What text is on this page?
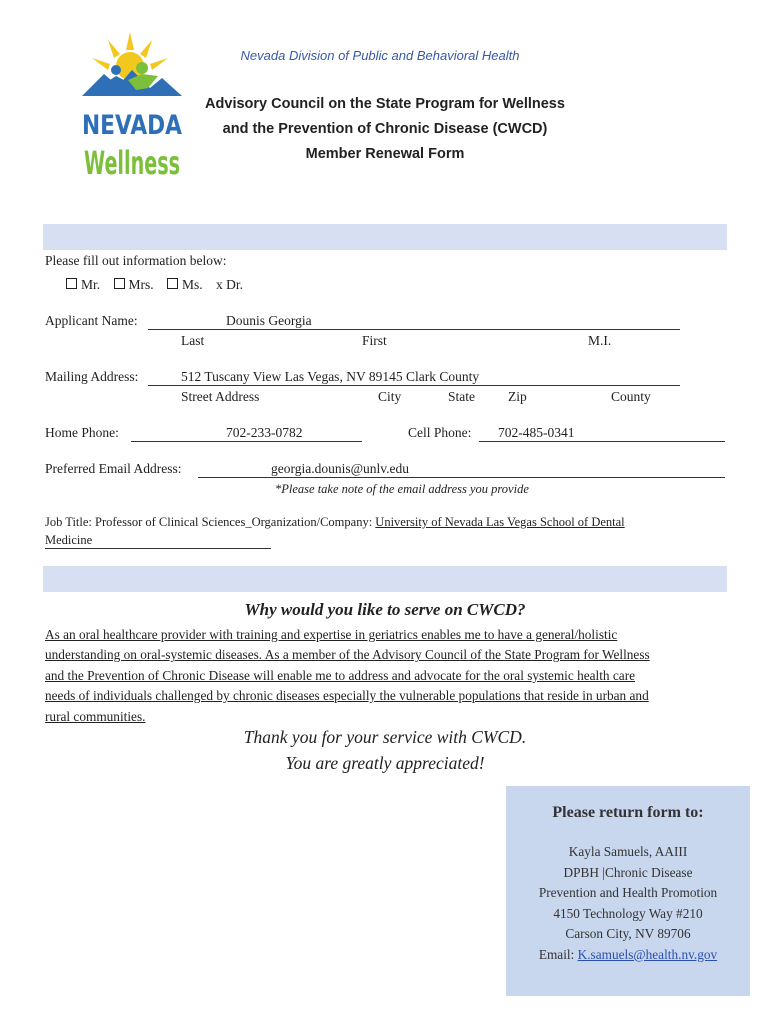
NEVADA
Wellness
Nevada Division of Public and Behavioral Health
Advisory Council on the State Program for Wellness
and the Prevention of Chronic Disease (CWCD)
Member Renewal Form
Please fill out information below:
Mr. Mrs. Ms. x Dr.
Applicant Name:	Dounis Georgia
Last	First	M.I.
Mailing Address:	512 Tuscany View Las Vegas, NV 89145 Clark County
Street Address	City	State Zip	County
Home Phone:	702-233-0782	Cell Phone: 702-485-0341
Preferred Email Address:	georgia.dounis@unlv.edu
*Please take note of the email address you provide
Job Title: Professor of Clinical Sciences_Organization/Company: University of Nevada Las Vegas School of Dental
Medicine
Why would you like to serve on CWCD?
As an oral healthcare provider with training and expertise in geriatrics enables me to have a general/holistic
understanding on oral-systemic diseases. As a member of the Advisory Council of the State Program for Wellness
and the Prevention of Chronic Disease will enable me to address and advocate for the oral systemic health care
needs of individuals challenged by chronic diseases especially the vulnerable populations that reside in urban and
rural communities.
Thank you for your service with CWCD.
You are greatly appreciated!
Please return form to:
Kayla Samuels, AAIII
DPBH |Chronic Disease
Prevention and Health Promotion
4150 Technology Way #210
Carson City, NV 89706
Email: K.samuels@health.nv.gov
